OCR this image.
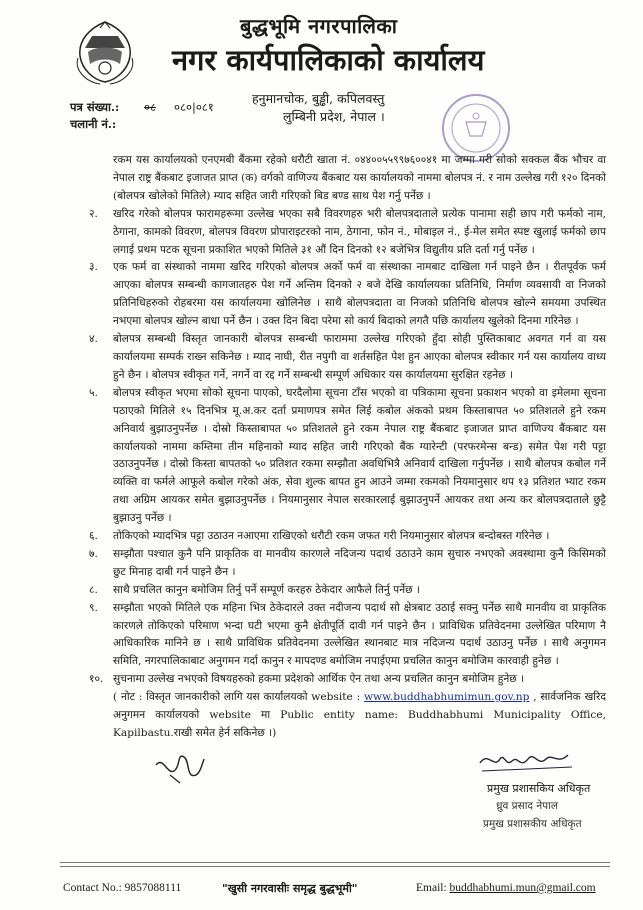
बुद्धभूमि नगरपालिका
नगर कार्यपालिकाको कार्यालय
हनुमानचोक, बुड्ढी, कपिलवस्तु
लुम्बिनी प्रदेश, नेपाल ।
पत्र संख्या.: ०८ ०८०|०८१
चलानी नं.:

रकम यस कार्यालयको एनएमबी बैंकमा रहेको धरौटी खाता नं. ०४४००५५९९७६००४१ मा जम्मा गरी सोको सक्कल बैंक भौचर वा नेपाल राष्ट्र बैंकबाट इजाजत प्राप्त (क) वर्गको वाणिज्य बैंकबाट यस कार्यालयको नाममा बोलपत्र नं. र नाम उल्लेख गरी १२० दिनको (बोलपत्र खोलेको मितिले) म्याद सहित जारी गरिएको बिड बण्ड साथ पेश गर्नु पर्नेछ ।

२. खरिद गरेको बोलपत्र फारामहरूमा उल्लेख भएका सबै विवरणहरु भरी बोलपत्रदाताले प्रत्येक पानामा सही छाप गरी फर्मको नाम, ठेगाना, कामको विवरण, बोलपत्र विवरण प्रोपाराइटरको नाम, ठेगाना, फोन नं., मोबाइल नं., ई-मेल समेत स्पष्ट खुलाई फर्मको छाप लगाई प्रथम पटक सूचना प्रकाशित भएको मितिले ३१ औं दिन दिनको १२ बजेभित्र विद्युतीय प्रति दर्ता गर्नु पर्नेछ ।

३. एक फर्म वा संस्थाको नाममा खरिद गरिएको बोलपत्र अर्को फर्म वा संस्थाका नामबाट दाखिला गर्न पाइने छैन । रीतपूर्वक फर्म आएका बोलपत्र सम्बन्धी कागजातहरु पेश गर्ने अन्तिम दिनको २ बजे देखि कार्यालयका प्रतिनिधि, निर्माण व्यवसायी वा निजको प्रतिनिधिहरुको रोहबरमा यस कार्यालयमा खोलिनेछ । साथै बोलपत्रदाता वा निजको प्रतिनिधि बोलपत्र खोल्ने समयमा उपस्थित नभएमा बोलपत्र खोल्न बाधा पर्ने छैन । उक्त दिन बिदा परेमा सो कार्य बिदाको लगतै पछि कार्यालय खुलेको दिनमा गरिनेछ ।

४. बोलपत्र सम्बन्धी विस्तृत जानकारी बोलपत्र सम्बन्धी फाराममा उल्लेख गरिएको हुँदा सोही पुस्तिकाबाट अवगत गर्न वा यस कार्यालयमा सम्पर्क राख्न सकिनेछ । म्याद नाघी, रीत नपुगी वा शर्तसहित पेश हुन आएका बोलपत्र स्वीकार गर्न यस कार्यालय वाध्य हुने छैन । बोलपत्र स्वीकृत गर्ने, नगर्ने वा रद्द गर्ने सम्बन्धी सम्पूर्ण अधिकार यस कार्यालयमा सुरक्षित रहनेछ ।

५. बोलपत्र स्वीकृत भएमा सोको सूचना पाएको, घरदैलोमा सूचना टाँस भएको वा पत्रिकामा सूचना प्रकाशन भएको वा इमेलमा सूचना पठाएको मितिले १५ दिनभित्र मू.अ.कर दर्ता प्रमाणपत्र समेत लिई कबोल अंकको प्रथम किस्ताबापत ५० प्रतिशतले हुने रकम अनिवार्य बुझाउनुपर्नेछ । दोस्रो किस्ताबापत ५० प्रतिशतले हुने रकम नेपाल राष्ट्र बैंकबाट इजाजत प्राप्त वाणिज्य बैंकबाट यस कार्यालयको नाममा कम्तिमा तीन महिनाको म्याद सहित जारी गरिएको बैंक ग्यारेन्टी (परफरमेन्स बन्ड) समेत पेश गरी पट्टा उठाउनुपर्नेछ । दोस्रो किस्ता बापतको ५० प्रतिशत रकमा सम्झौता अवधिभित्रै अनिवार्य दाखिला गर्नुपर्नेछ । साथै बोलपत्र कबोल गर्ने व्यक्ति वा फर्मले आफूले कबोल गरेको अंक, सेवा शुल्क बापत हुन आउने जम्मा रकमको नियमानुसार थप १३ प्रतिशत भ्याट रकम तथा अग्रिम आयकर समेत बुझाउनुपर्नेछ । नियमानुसार नेपाल सरकारलाई बुझाउनुपर्ने आयकर तथा अन्य कर बोलपत्रदाताले छुट्टै बुझाउनु पर्नेछ ।

६. तोकिएको म्यादभित्र पट्टा उठाउन नआएमा राखिएको धरौटी रकम जफत गरी नियमानुसार बोलपत्र बन्दोबस्त गरिनेछ ।

७. सम्झौता पश्चात कुनै पनि प्राकृतिक वा मानवीय कारणले नदिजन्य पदार्थ उठाउने काम सुचारु नभएको अवस्थामा कुनै किसिमको छुट मिनाह दाबी गर्न पाइने छैन ।

८. साथै प्रचलित कानुन बमोजिम तिर्नु पर्ने सम्पूर्ण करहरु ठेकेदार आफैले तिर्नु पर्नेछ ।

९. सम्झौता भएको मितिले एक महिना भित्र ठेकेदारले उक्त नदीजन्य पदार्थ सो क्षेत्रबाट उठाई सक्नु पर्नेछ साथै मानवीय वा प्राकृतिक कारणले तोकिएको परिमाण भन्दा घटी भएमा कुनै क्षेतीपूर्ति दावी गर्न पाइने छैन । प्राविधिक प्रतिवेदनमा उल्लेखित परिमाण नै आधिकारिक मानिने छ । साथै प्राविधिक प्रतिवेदनमा उल्लेखित स्थानबाट मात्र नदिजन्य पदार्थ उठाउनु पर्नेछ । साथै अनुगमन समिति, नगरपालिकाबाट अनुगमन गर्दा कानुन र मापदण्ड बमोजिम नपाईएमा प्रचलित कानुन बमोजिम कारवाही हुनेछ ।

१०. सुचनामा उल्लेख नभएको विषयहरुको हकमा प्रदेशको आर्थिक ऐन तथा अन्य प्रचलित कानुन बमोजिम हुनेछ ।

( नोट : विस्तृत जानकारीको लागि यस कार्यालयको website : www.buddhabhumimun.gov.np , सार्वजनिक खरिद अनुगमन कार्यालयको website मा Public entity name: Buddhabhumi Municipality Office, Kapilbastu.राखी समेत हेर्न सकिनेछ ।)

प्रमुख प्रशासकिय अधिकृत
ध्रुव प्रसाद नेपाल
प्रमुख प्रशासकीय अधिकृत
Contact No.: 9857088111	"खुसी नगरवासीः समृद्ध बुद्धभूमी"	Email: buddhabhumi.mun@gmail.com
